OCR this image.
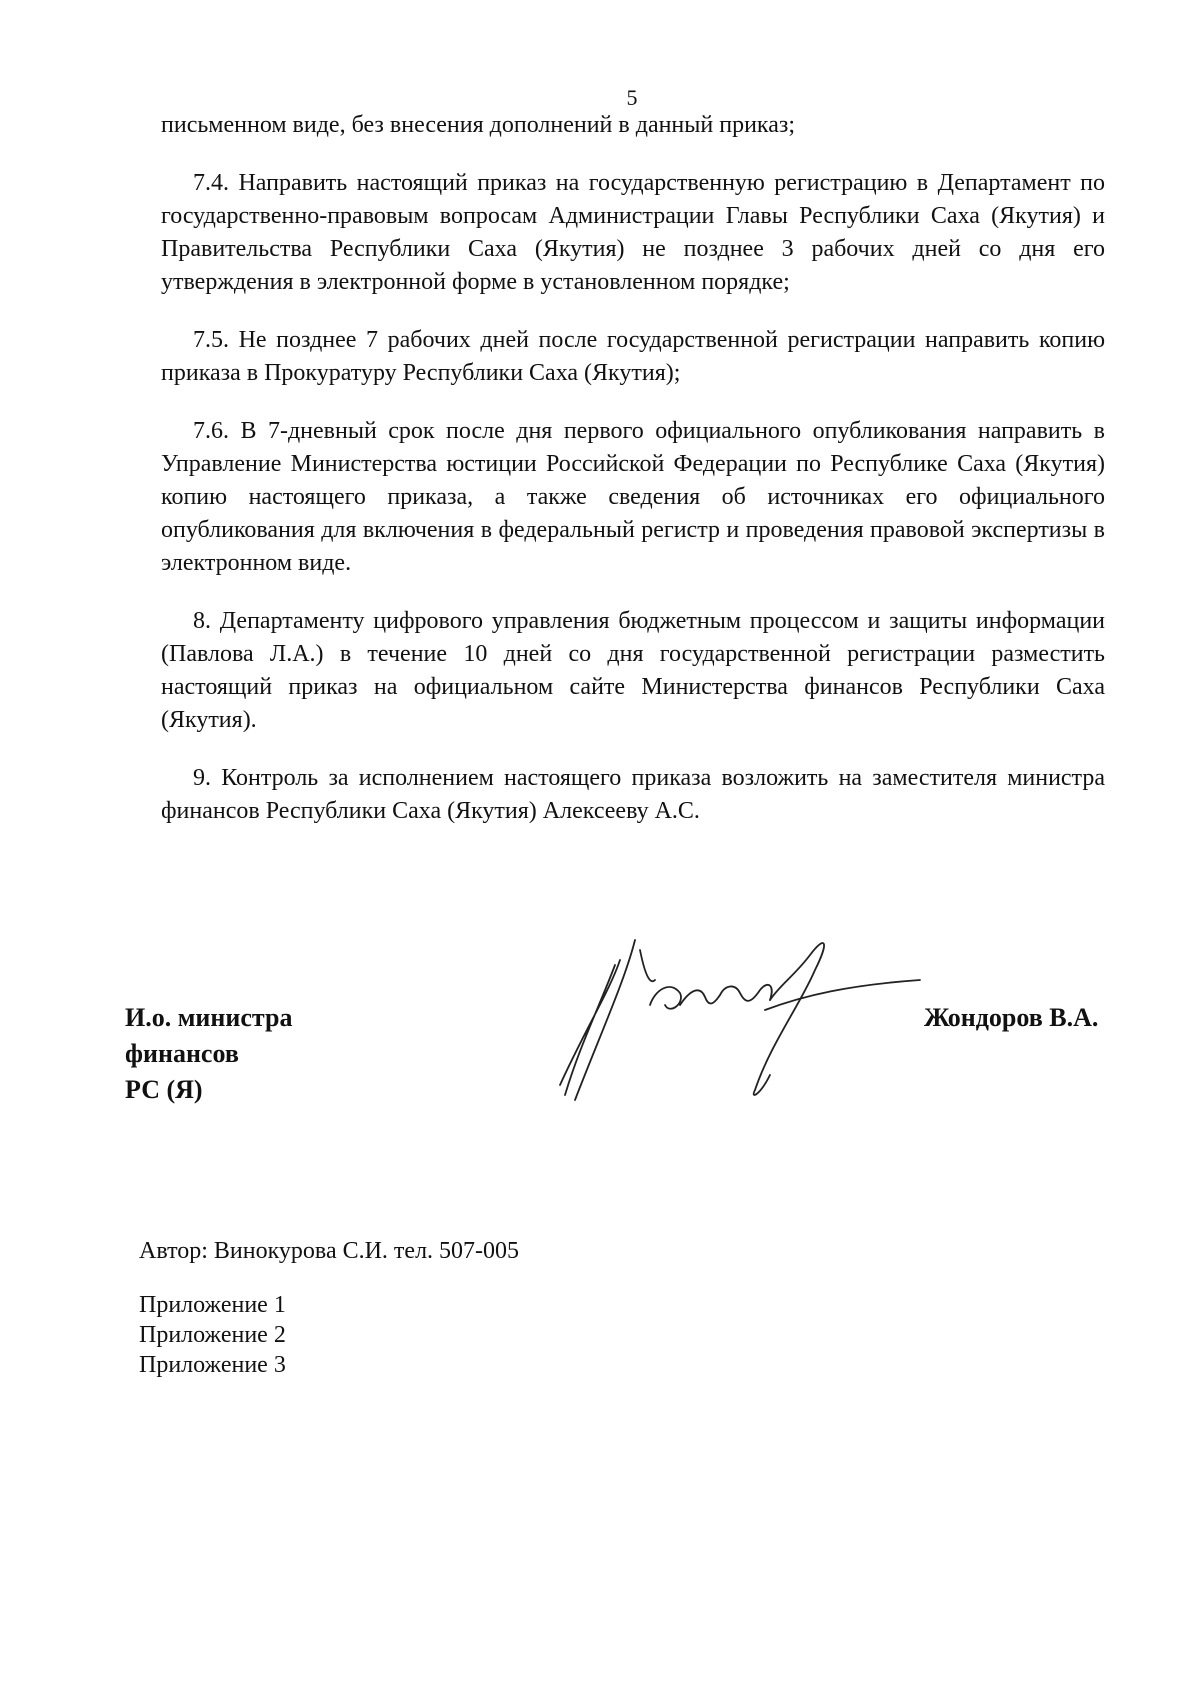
5

письменном виде, без внесения дополнений в данный приказ;

7.4. Направить настоящий приказ на государственную регистрацию в Департамент по государственно-правовым вопросам Администрации Главы Республики Саха (Якутия) и Правительства Республики Саха (Якутия) не позднее 3 рабочих дней со дня его утверждения в электронной форме в установленном порядке;

7.5. Не позднее 7 рабочих дней после государственной регистрации направить копию приказа в Прокуратуру Республики Саха (Якутия);

7.6. В 7-дневный срок после дня первого официального опубликования направить в Управление Министерства юстиции Российской Федерации по Республике Саха (Якутия) копию настоящего приказа, а также сведения об источниках его официального опубликования для включения в федеральный регистр и проведения правовой экспертизы в электронном виде.

8. Департаменту цифрового управления бюджетным процессом и защиты информации (Павлова Л.А.) в течение 10 дней со дня государственной регистрации разместить настоящий приказ на официальном сайте Министерства финансов Республики Саха (Якутия).

9. Контроль за исполнением настоящего приказа возложить на заместителя министра финансов Республики Саха (Якутия) Алексееву А.С.

И.о. министра
финансов
РС (Я)
Жондоров В.А.
Автор: Винокурова С.И. тел. 507-005
Приложение 1
Приложение 2
Приложение 3
